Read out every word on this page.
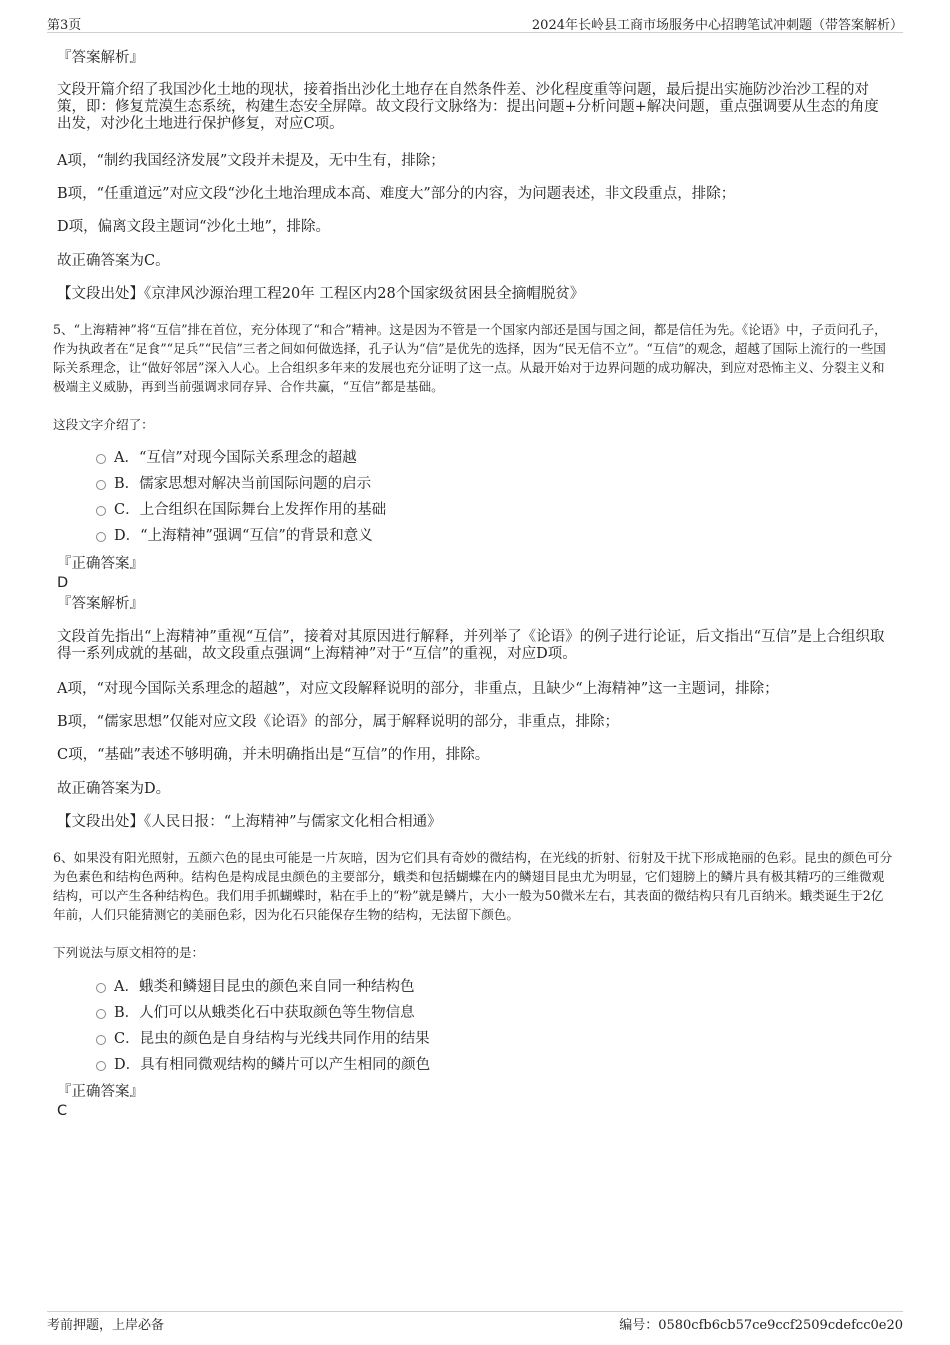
第3页	2024年长岭县工商市场服务中心招聘笔试冲刺题（带答案解析）
『答案解析』

文段开篇介绍了我国沙化土地的现状，接着指出沙化土地存在自然条件差、沙化程度重等问题，最后提出实施防沙治沙工程的对策，即：修复荒漠生态系统，构建生态安全屏障。故文段行文脉络为：提出问题+分析问题+解决问题，重点强调要从生态的角度出发，对沙化土地进行保护修复，对应C项。

A项，“制约我国经济发展”文段并未提及，无中生有，排除；

B项，“任重道远”对应文段“沙化土地治理成本高、难度大”部分的内容，为问题表述，非文段重点，排除；

D项，偏离文段主题词“沙化土地”，排除。

故正确答案为C。

【文段出处】《京津风沙源治理工程20年 工程区内28个国家级贫困县全摘帽脱贫》

5、“上海精神”将“互信”排在首位，充分体现了“和合”精神。这是因为不管是一个国家内部还是国与国之间，都是信任为先。《论语》中，子贡问孔子，作为执政者在“足食”“足兵”“民信”三者之间如何做选择，孔子认为“信”是优先的选择，因为“民无信不立”。“互信”的观念，超越了国际上流行的一些国际关系理念，让“做好邻居”深入人心。上合组织多年来的发展也充分证明了这一点。从最开始对于边界问题的成功解决，到应对恐怖主义、分裂主义和极端主义威胁，再到当前强调求同存异、合作共赢，“互信”都是基础。

这段文字介绍了：

A．“互信”对现今国际关系理念的超越
B．儒家思想对解决当前国际问题的启示
C．上合组织在国际舞台上发挥作用的基础
D．“上海精神”强调“互信”的背景和意义
『正确答案』
D
『答案解析』

文段首先指出“上海精神”重视“互信”，接着对其原因进行解释，并列举了《论语》的例子进行论证，后文指出“互信”是上合组织取得一系列成就的基础，故文段重点强调“上海精神”对于“互信”的重视，对应D项。

A项，“对现今国际关系理念的超越”，对应文段解释说明的部分，非重点，且缺少“上海精神”这一主题词，排除；

B项，“儒家思想”仅能对应文段《论语》的部分，属于解释说明的部分，非重点，排除；

C项，“基础”表述不够明确，并未明确指出是“互信”的作用，排除。

故正确答案为D。

【文段出处】《人民日报：“上海精神”与儒家文化相合相通》

6、如果没有阳光照射，五颜六色的昆虫可能是一片灰暗，因为它们具有奇妙的微结构，在光线的折射、衍射及干扰下形成艳丽的色彩。昆虫的颜色可分为色素色和结构色两种。结构色是构成昆虫颜色的主要部分，蛾类和包括蝴蝶在内的鳞翅目昆虫尤为明显，它们翅膀上的鳞片具有极其精巧的三维微观结构，可以产生各种结构色。我们用手抓蝴蝶时，粘在手上的“粉”就是鳞片，大小一般为50微米左右，其表面的微结构只有几百纳米。蛾类诞生于2亿年前，人们只能猜测它的美丽色彩，因为化石只能保存生物的结构，无法留下颜色。

下列说法与原文相符的是：

A．蛾类和鳞翅目昆虫的颜色来自同一种结构色
B．人们可以从蛾类化石中获取颜色等生物信息
C．昆虫的颜色是自身结构与光线共同作用的结果
D．具有相同微观结构的鳞片可以产生相同的颜色
『正确答案』
C
考前押题，上岸必备	编号：0580cfb6cb57ce9ccf2509cdefcc0e20
